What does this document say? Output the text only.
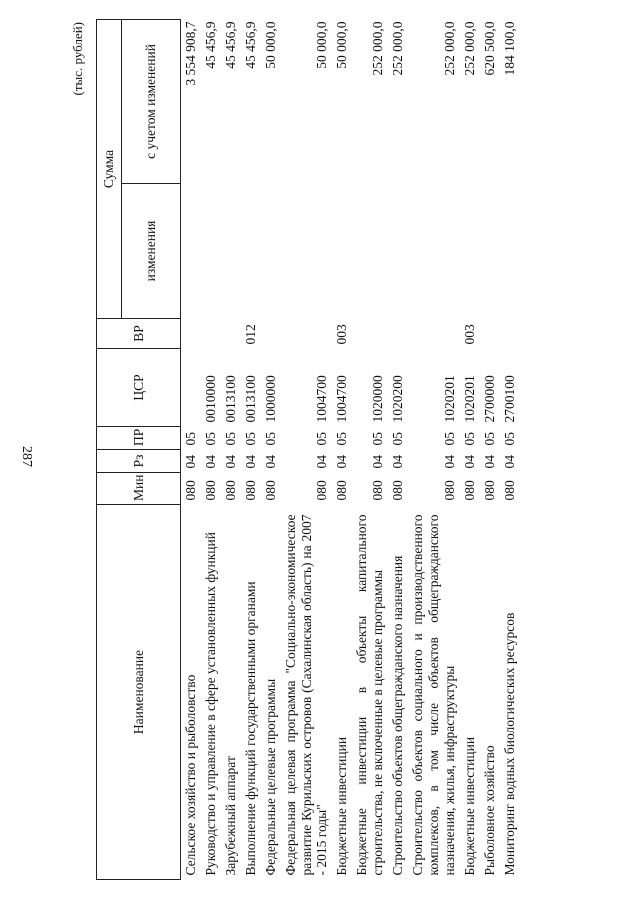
287
(тыс. рублей)
Наименование	Мин	Рз	ПР	ЦСР	ВР	Сумма	
						изменения	с учетом изменений
Сельское хозяйство и рыболовство	080	04	05				3 554 908,7
Руководство и управление в сфере установленных функций	080	04	05	0010000			45 456,9
Зарубежный аппарат	080	04	05	0013100			45 456,9
Выполнение функций государственными органами	080	04	05	0013100	012		45 456,9
Федеральные целевые программы	080	04	05	1000000			50 000,0
Федеральная целевая программа "Социально-экономическое развитие Курильских островов (Сахалинская область) на 2007 - 2015 годы"	080	04	05	1004700			50 000,0
Бюджетные инвестиции	080	04	05	1004700	003		50 000,0
Бюджетные инвестиции в объекты капитального строительства, не включенные в целевые программы	080	04	05	1020000			252 000,0
Строительство объектов общегражданского назначения	080	04	05	1020200			252 000,0
Строительство объектов социального и производственного комплексов, в том числе объектов общегражданского назначения, жилья, инфраструктуры	080	04	05	1020201			252 000,0
Бюджетные инвестиции	080	04	05	1020201	003		252 000,0
Рыболовное хозяйство	080	04	05	2700000			620 500,0
Мониторинг водных биологических ресурсов	080	04	05	2700100			184 100,0
